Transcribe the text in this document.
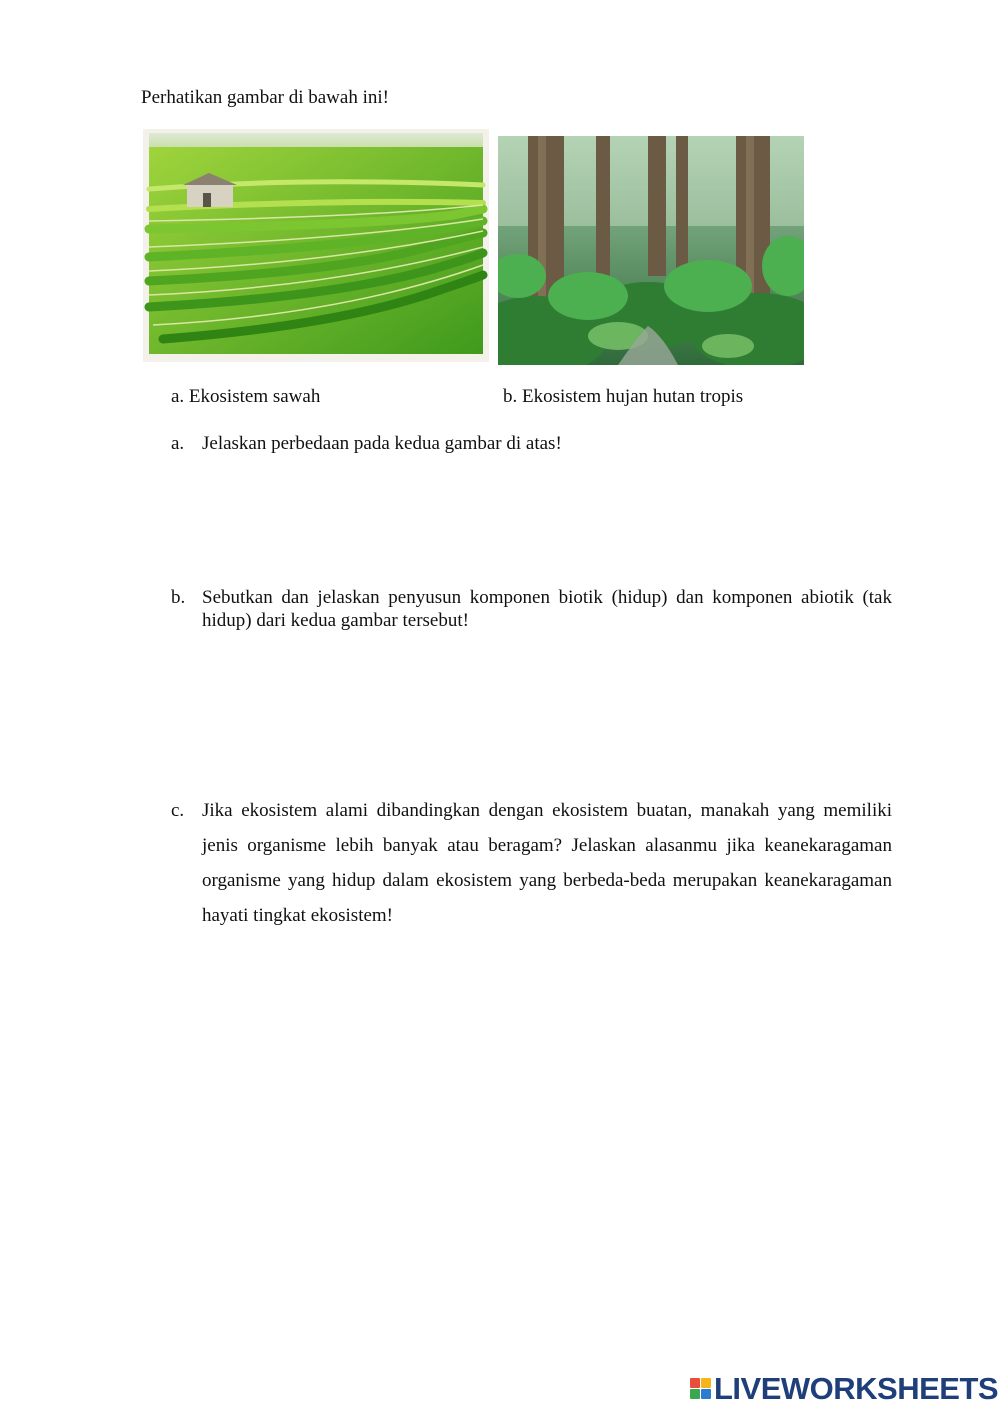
Perhatikan gambar di bawah ini!
a. Ekosistem sawah	b. Ekosistem hujan hutan tropis
a. Jelaskan perbedaan pada kedua gambar di atas!
b. Sebutkan dan jelaskan penyusun komponen biotik (hidup) dan komponen abiotik (tak hidup) dari kedua gambar tersebut!
c. Jika ekosistem alami dibandingkan dengan ekosistem buatan, manakah yang memiliki jenis organisme lebih banyak atau beragam? Jelaskan alasanmu jika keanekaragaman organisme yang hidup dalam ekosistem yang berbeda-beda merupakan keanekaragaman hayati tingkat ekosistem!
LIVEWORKSHEETS
